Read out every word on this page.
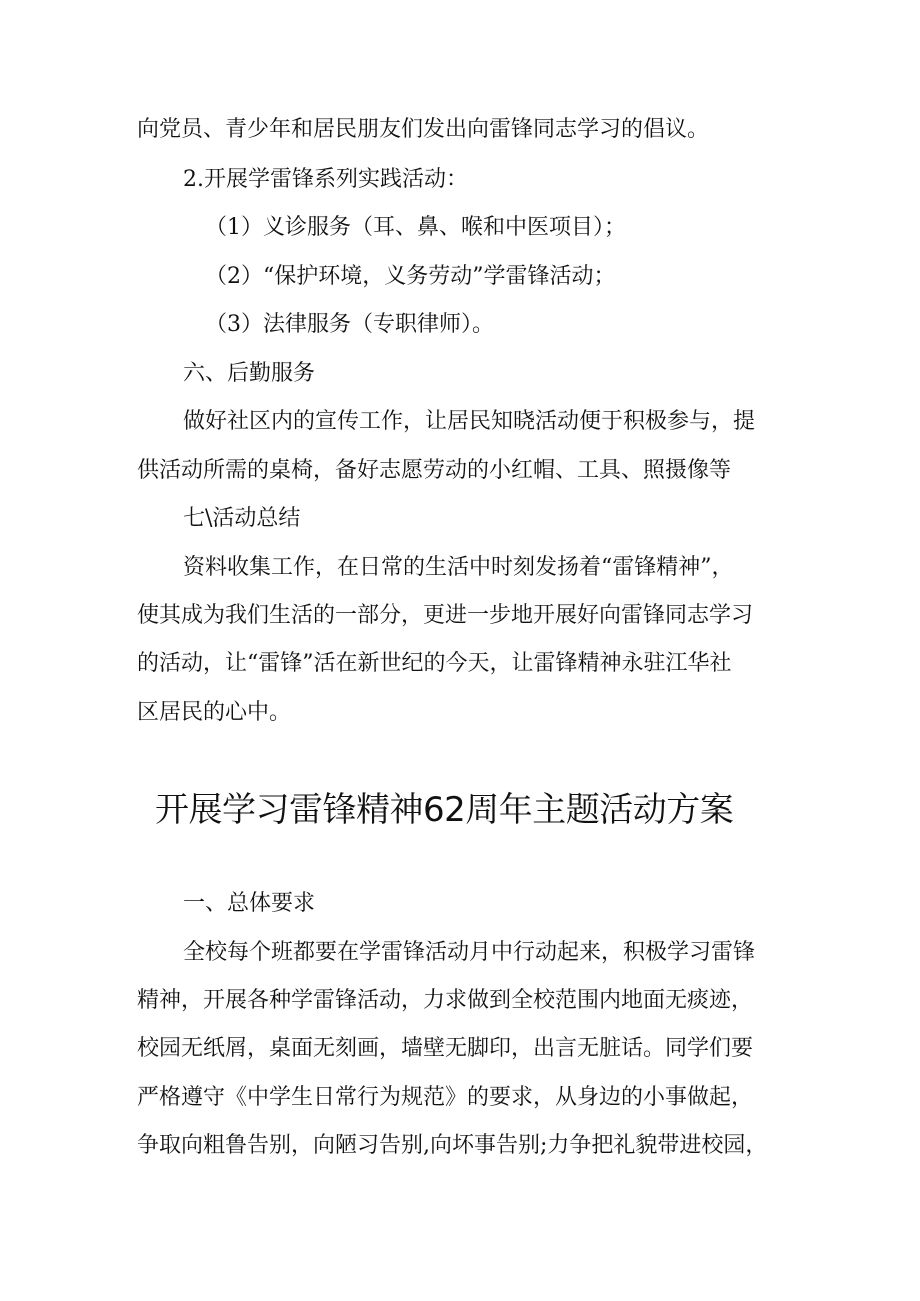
向党员、青少年和居民朋友们发出向雷锋同志学习的倡议。
2.开展学雷锋系列实践活动：
（1）义诊服务（耳、鼻、喉和中医项目）；
（2）“保护环境，义务劳动”学雷锋活动；
（3）法律服务（专职律师）。
六、后勤服务
做好社区内的宣传工作，让居民知晓活动便于积极参与，提
供活动所需的桌椅，备好志愿劳动的小红帽、工具、照摄像等
七\活动总结
资料收集工作，在日常的生活中时刻发扬着“雷锋精神”，
使其成为我们生活的一部分，更进一步地开展好向雷锋同志学习
的活动，让“雷锋”活在新世纪的今天，让雷锋精神永驻江华社
区居民的心中。
开展学习雷锋精神62周年主题活动方案
一、总体要求
全校每个班都要在学雷锋活动月中行动起来，积极学习雷锋
精神，开展各种学雷锋活动，力求做到全校范围内地面无痰迹，
校园无纸屑，桌面无刻画，墙壁无脚印，出言无脏话。同学们要
严格遵守《中学生日常行为规范》的要求，从身边的小事做起，
争取向粗鲁告别，向陋习告别,向坏事告别;力争把礼貌带进校园，
